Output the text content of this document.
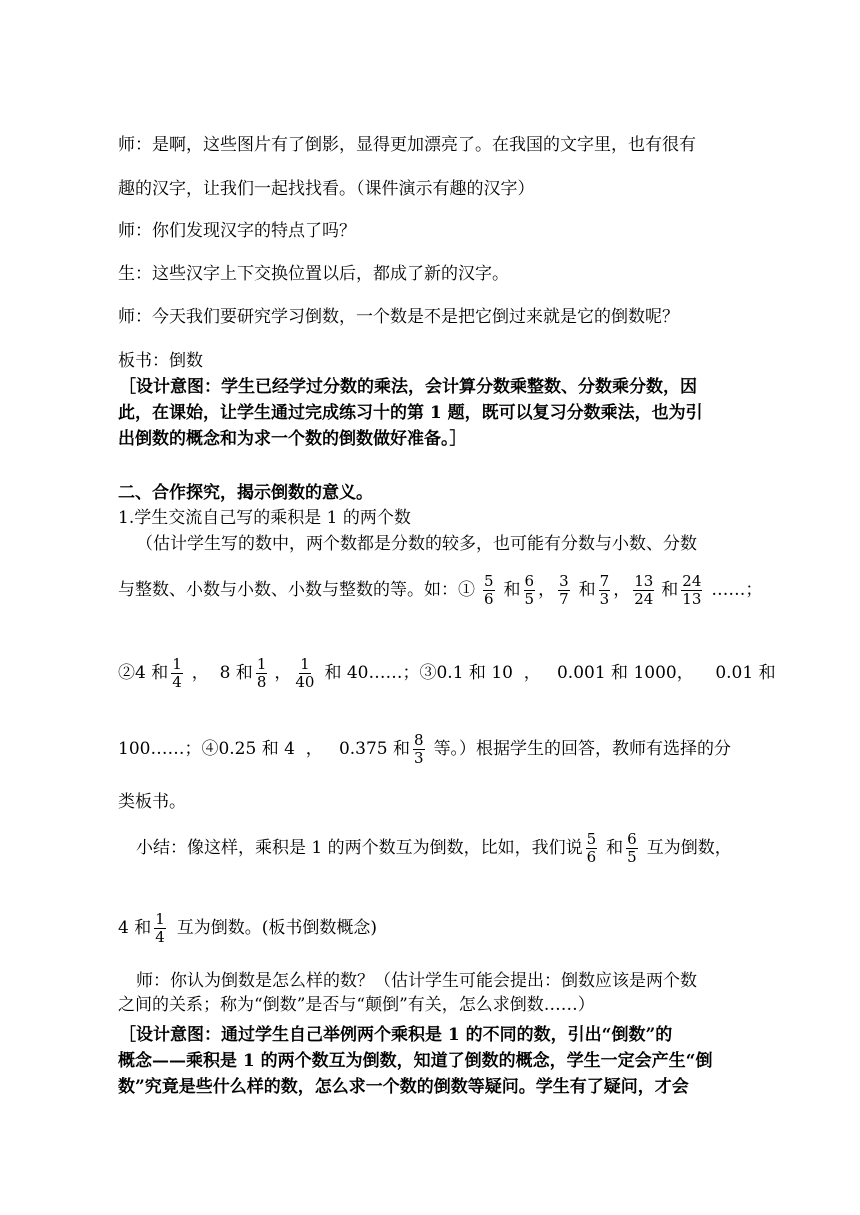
师：是啊，这些图片有了倒影，显得更加漂亮了。在我国的文字里，也有很有
趣的汉字，让我们一起找找看。（课件演示有趣的汉字）
师：你们发现汉字的特点了吗？
生：这些汉字上下交换位置以后，都成了新的汉字。
师：今天我们要研究学习倒数，一个数是不是把它倒过来就是它的倒数呢？
板书：倒数
［设计意图：学生已经学过分数的乘法，会计算分数乘整数、分数乘分数，因
此，在课始，让学生通过完成练习十的第 1 题，既可以复习分数乘法，也为引
出倒数的概念和为求一个数的倒数做好准备。］
二、合作探究，揭示倒数的意义。
1.学生交流自己写的乘积是 1 的两个数
（估计学生写的数中，两个数都是分数的较多，也可能有分数与小数、分数
与整数、小数与小数、小数与整数的等。如：① $\frac{5}{6}$ 和 $\frac{6}{5}$ ， $\frac{3}{7}$ 和 $\frac{7}{3}$ ， $\frac{13}{24}$ 和 $\frac{24}{13}$ ……；
②4 和 $\frac{1}{4}$ ，  8 和 $\frac{1}{8}$ ， $\frac{1}{40}$ 和 40……；③0.1 和 10  ，   0.001 和 1000，    0.01 和
100……；④0.25 和 4  ，   0.375 和 $\frac{8}{3}$ 等。）根据学生的回答，教师有选择的分
类板书。
小结：像这样，乘积是 1 的两个数互为倒数，比如，我们说 $\frac{5}{6}$ 和 $\frac{6}{5}$ 互为倒数，
4 和 $\frac{1}{4}$ 互为倒数。(板书倒数概念)
师：你认为倒数是怎么样的数？（估计学生可能会提出：倒数应该是两个数
之间的关系；称为“倒数”是否与“颠倒”有关，怎么求倒数……）
［设计意图：通过学生自己举例两个乘积是 1 的不同的数，引出“倒数”的
概念——乘积是 1 的两个数互为倒数，知道了倒数的概念，学生一定会产生“倒
数”究竟是些什么样的数，怎么求一个数的倒数等疑问。学生有了疑问，才会
